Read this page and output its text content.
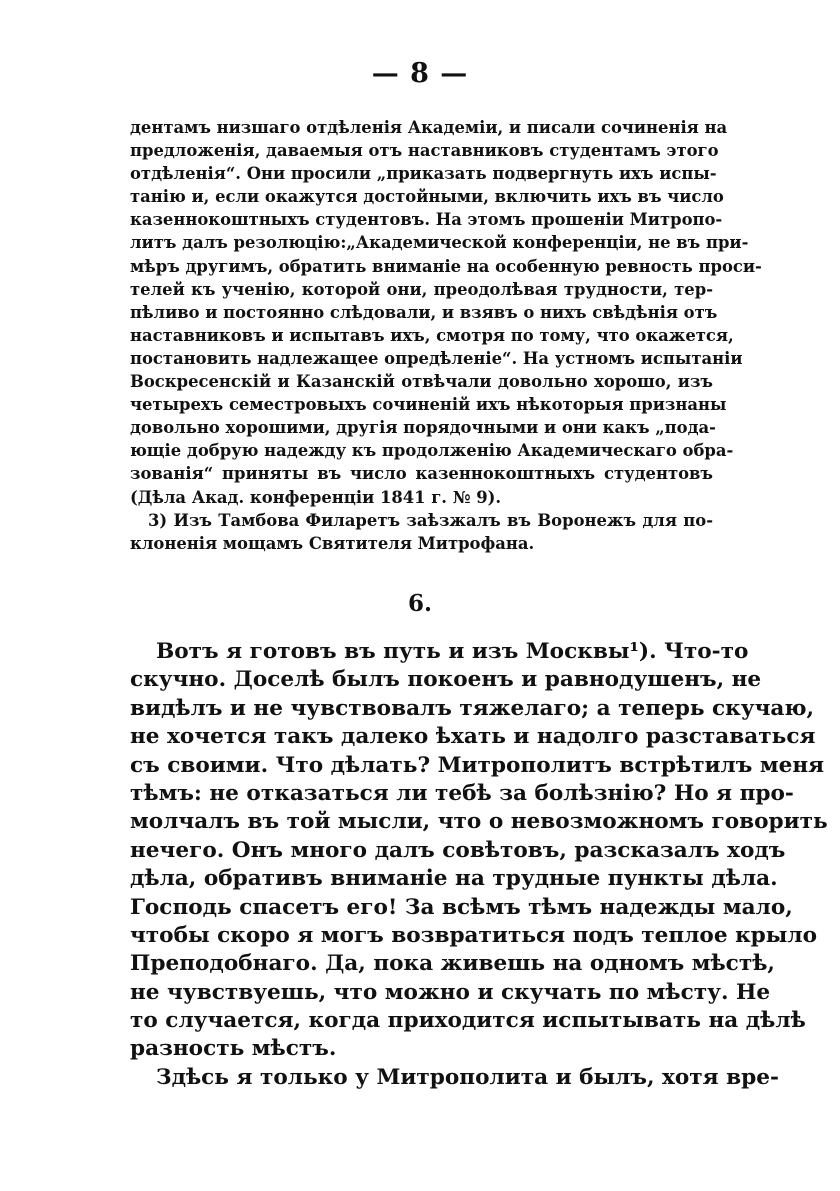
— 8 —
дентамъ низшаго отдѣленія Академіи, и писали сочиненія на
предложенія, даваемыя отъ наставниковъ студентамъ этого
отдѣленія“. Они просили „приказать подвергнуть ихъ испы-
танію и, если окажутся достойными, включить ихъ въ число
казеннокоштныхъ студентовъ. На этомъ прошеніи Митропо-
литъ далъ резолюцію:„Академической конференціи, не въ при-
мѣръ другимъ, обратить вниманіе на особенную ревность проси-
телей къ ученію, которой они, преодолѣвая трудности, тер-
пѣливо и постоянно слѣдовали, и взявъ о нихъ свѣдѣнія отъ
наставниковъ и испытавъ ихъ, смотря по тому, что окажется,
постановить надлежащее опредѣленіе“. На устномъ испытаніи
Воскресенскій и Казанскій отвѣчали довольно хорошо, изъ
четырехъ семестровыхъ сочиненій ихъ нѣкоторыя признаны
довольно хорошими, другія порядочными и они какъ „пода-
ющіе добрую надежду къ продолженію Академическаго обра-
зованія“ приняты въ число казеннокоштныхъ студентовъ
(Дѣла Акад. конференціи 1841 г. № 9).
3) Изъ Тамбова Филаретъ заѣзжалъ въ Воронежъ для по-
клоненія мощамъ Святителя Митрофана.
6.
Вотъ я готовъ въ путь и изъ Москвы¹). Что-то
скучно. Доселѣ былъ покоенъ и равнодушенъ, не
видѣлъ и не чувствовалъ тяжелаго; а теперь скучаю,
не хочется такъ далеко ѣхать и надолго разставаться
съ своими. Что дѣлать? Митрополитъ встрѣтилъ меня
тѣмъ: не отказаться ли тебѣ за болѣзнію? Но я про-
молчалъ въ той мысли, что о невозможномъ говорить
нечего. Онъ много далъ совѣтовъ, разсказалъ ходъ
дѣла, обративъ вниманіе на трудные пункты дѣла.
Господь спасетъ его! За всѣмъ тѣмъ надежды мало,
чтобы скоро я могъ возвратиться подъ теплое крыло
Преподобнаго. Да, пока живешь на одномъ мѣстѣ,
не чувствуешь, что можно и скучать по мѣсту. Не
то случается, когда приходится испытывать на дѣлѣ
разность мѣстъ.
Здѣсь я только у Митрополита и былъ, хотя вре-
